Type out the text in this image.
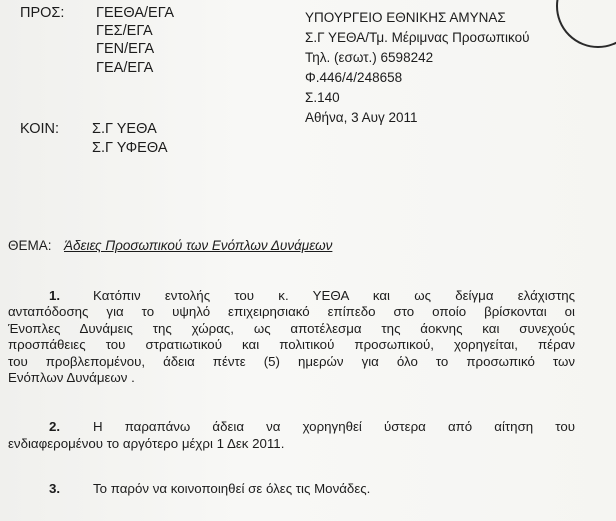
ΠΡΟΣ: ΓΕΕΘΑ/ΕΓΑ
ΓΕΣ/ΕΓΑ
ΓΕΝ/ΕΓΑ
ΓΕΑ/ΕΓΑ
ΚΟΙΝ: Σ.Γ ΥΕΘΑ
Σ.Γ ΥΦΕΘΑ
ΥΠΟΥΡΓΕΙΟ ΕΘΝΙΚΗΣ ΑΜΥΝΑΣ
Σ.Γ ΥΕΘΑ/Τμ. Μέριμνας Προσωπικού
Τηλ. (εσωτ.) 6598242
Φ.446/4/248658
Σ.140
Αθήνα, 3 Αυγ 2011
ΘΕΜΑ: Άδειες Προσωπικού των Ενόπλων Δυνάμεων
1. Κατόπιν εντολής του κ. ΥΕΘΑ και ως δείγμα ελάχιστης
ανταπόδοσης για το υψηλό επιχειρησιακό επίπεδο στο οποίο βρίσκονται οι
Ένοπλες Δυνάμεις της χώρας, ως αποτέλεσμα της άοκνης και συνεχούς
προσπάθειες του στρατιωτικού και πολιτικού προσωπικού, χορηγείται, πέραν
του προβλεπομένου, άδεια πέντε (5) ημερών για όλο το προσωπικό των
Ενόπλων Δυνάμεων .
2. Η παραπάνω άδεια να χορηγηθεί ύστερα από αίτηση του
ενδιαφερομένου το αργότερο μέχρι 1 Δεκ 2011.
3. Το παρόν να κοινοποιηθεί σε όλες τις Μονάδες.
